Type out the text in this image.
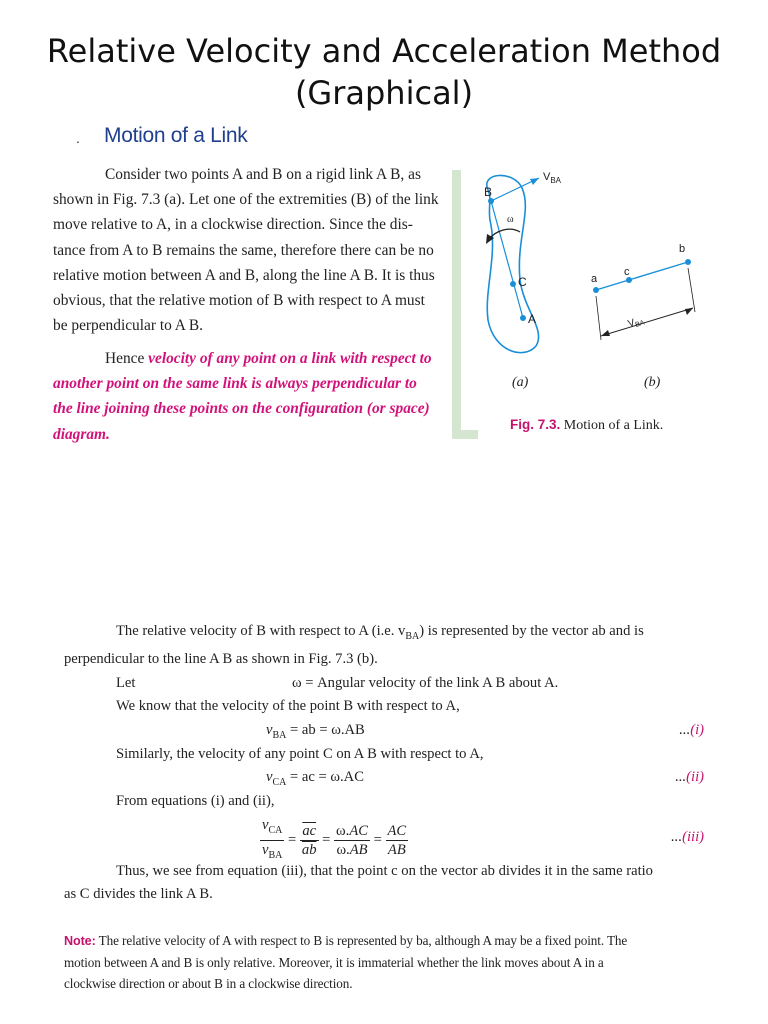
Relative Velocity and Acceleration Method (Graphical)
. Motion of a Link
Consider two points A and B on a rigid link A B, as
shown in Fig. 7.3 (a). Let one of the extremities (B) of the link
move relative to A, in a clockwise direction. Since the dis-
tance from A to B remains the same, therefore there can be no
relative motion between A and B, along the line A B. It is thus
obvious, that the relative motion of B with respect to A must
be perpendicular to A B.
Hence velocity of any point on a link with respect to
another point on the same link is always perpendicular to
the line joining these points on the configuration (or space)
diagram.
B
C
A
ω
$V_{BA}$
a
c
b
$V_{BA}$
(a)	(b)
Fig. 7.3. Motion of a Link.
The relative velocity of B with respect to A (i.e. $v_{BA}$) is represented by the vector ab and is
perpendicular to the line A B as shown in Fig. 7.3 (b).
Let	ω = Angular velocity of the link A B about A.
We know that the velocity of the point B with respect to A,
$v_{BA}$ = ab = ω.AB	...(i)
Similarly, the velocity of any point C on A B with respect to A,
$v_{CA}$ = ac = ω.AC	...(ii)
From equations (i) and (ii),
$\frac{v_{CA}}{v_{BA}} = \frac{\overline{ac}}{ab} = \frac{\omega.AC}{\omega.AB} = \frac{AC}{AB}$	...(iii)
Thus, we see from equation (iii), that the point c on the vector ab divides it in the same ratio
as C divides the link A B.
Note: The relative velocity of A with respect to B is represented by ba, although A may be a fixed point. The
motion between A and B is only relative. Moreover, it is immaterial whether the link moves about A in a
clockwise direction or about B in a clockwise direction.
